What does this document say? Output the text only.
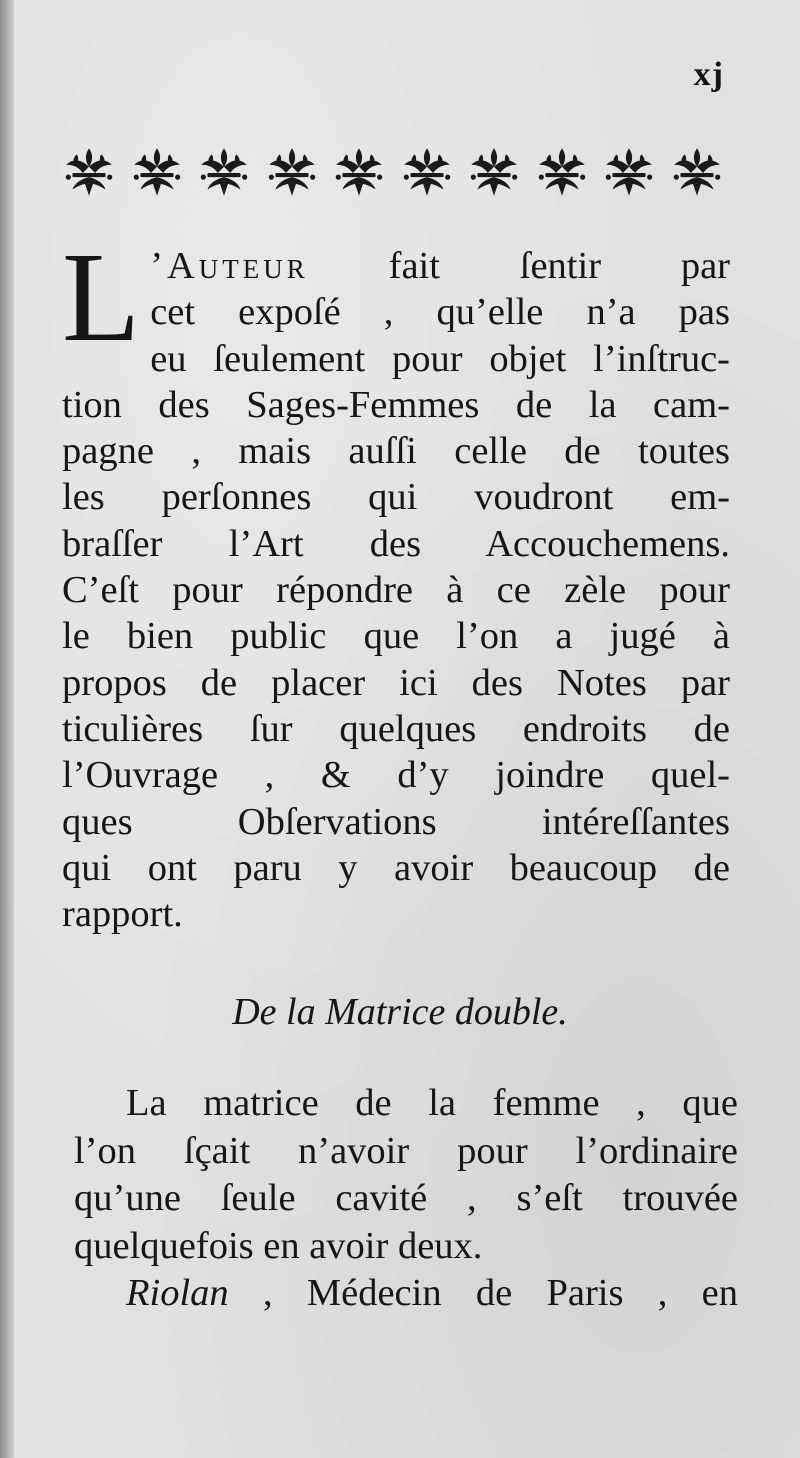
xj
L ’Auteur fait ſentir par
cet expoſé , qu’elle n’a pas
eu ſeulement pour objet l’inſtruc-
tion des Sages-Femmes de la cam-
pagne , mais auſſi celle de toutes
les perſonnes qui voudront em-
braſſer l’Art des Accouchemens.
C’eſt pour répondre à ce zèle pour
le bien public que l’on a jugé à
propos de placer ici des Notes par
ticulières ſur quelques endroits de
l’Ouvrage , & d’y joindre quel-
ques Obſervations intéreſſantes
qui ont paru y avoir beaucoup de
rapport.
De la Matrice double.
La matrice de la femme , que
l’on ſçait n’avoir pour l’ordinaire
qu’une ſeule cavité , s’eſt trouvée
quelquefois en avoir deux.
Riolan , Médecin de Paris , en
